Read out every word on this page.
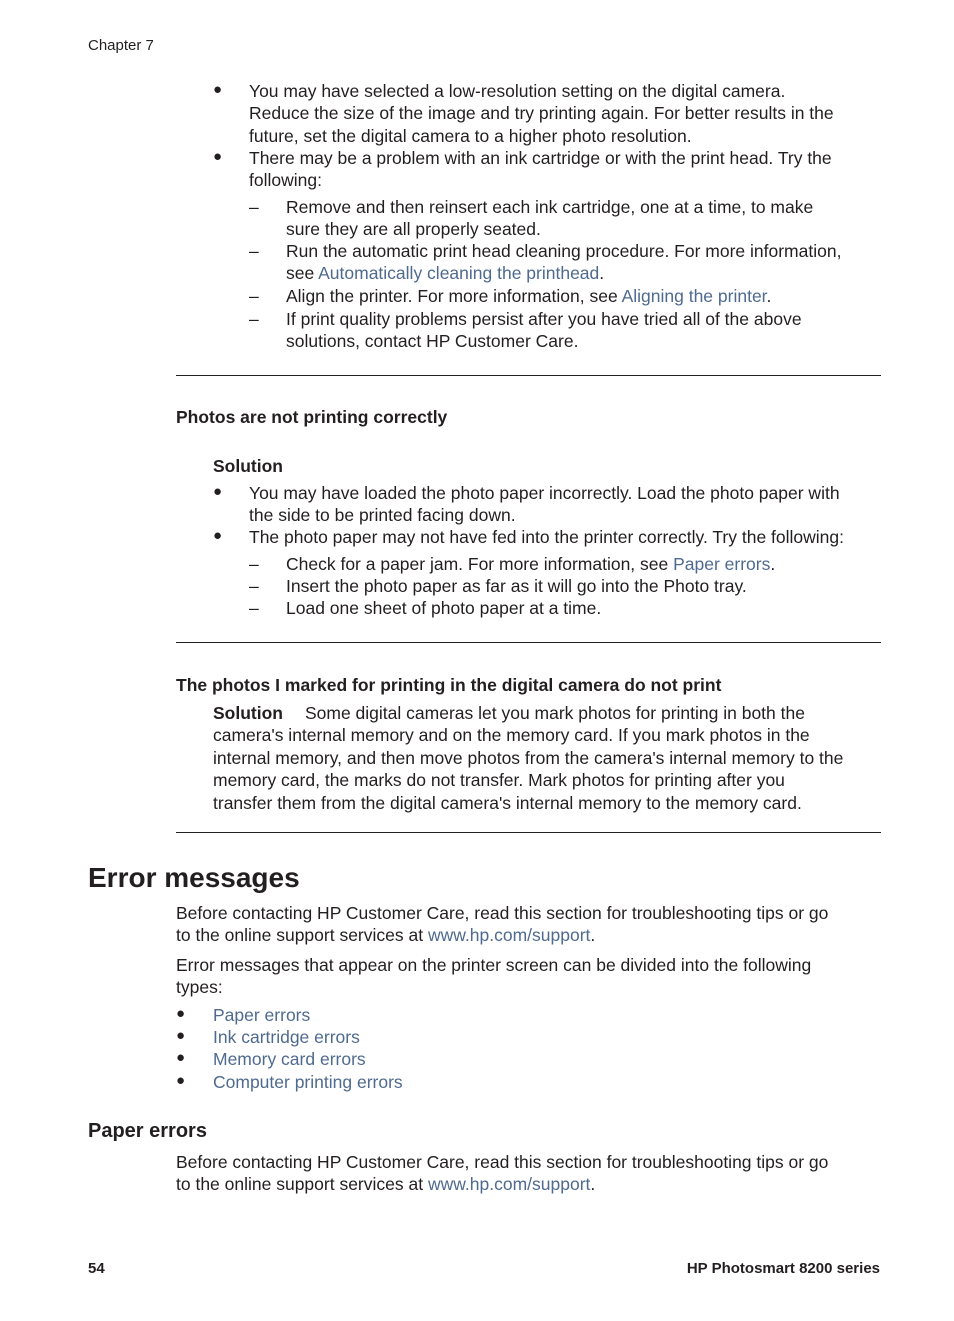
Chapter 7
● You may have selected a low-resolution setting on the digital camera.
Reduce the size of the image and try printing again. For better results in the
future, set the digital camera to a higher photo resolution.
● There may be a problem with an ink cartridge or with the print head. Try the
following:
– Remove and then reinsert each ink cartridge, one at a time, to make
sure they are all properly seated.
– Run the automatic print head cleaning procedure. For more information,
see Automatically cleaning the printhead.
– Align the printer. For more information, see Aligning the printer.
– If print quality problems persist after you have tried all of the above
solutions, contact HP Customer Care.
Photos are not printing correctly
Solution
● You may have loaded the photo paper incorrectly. Load the photo paper with
the side to be printed facing down.
● The photo paper may not have fed into the printer correctly. Try the following:
– Check for a paper jam. For more information, see Paper errors.
– Insert the photo paper as far as it will go into the Photo tray.
– Load one sheet of photo paper at a time.
The photos I marked for printing in the digital camera do not print
Solution Some digital cameras let you mark photos for printing in both the
camera's internal memory and on the memory card. If you mark photos in the
internal memory, and then move photos from the camera's internal memory to the
memory card, the marks do not transfer. Mark photos for printing after you
transfer them from the digital camera's internal memory to the memory card.
Error messages
Before contacting HP Customer Care, read this section for troubleshooting tips or go
to the online support services at www.hp.com/support.
Error messages that appear on the printer screen can be divided into the following
types:
● Paper errors
● Ink cartridge errors
● Memory card errors
● Computer printing errors
Paper errors
Before contacting HP Customer Care, read this section for troubleshooting tips or go
to the online support services at www.hp.com/support.
54	HP Photosmart 8200 series
